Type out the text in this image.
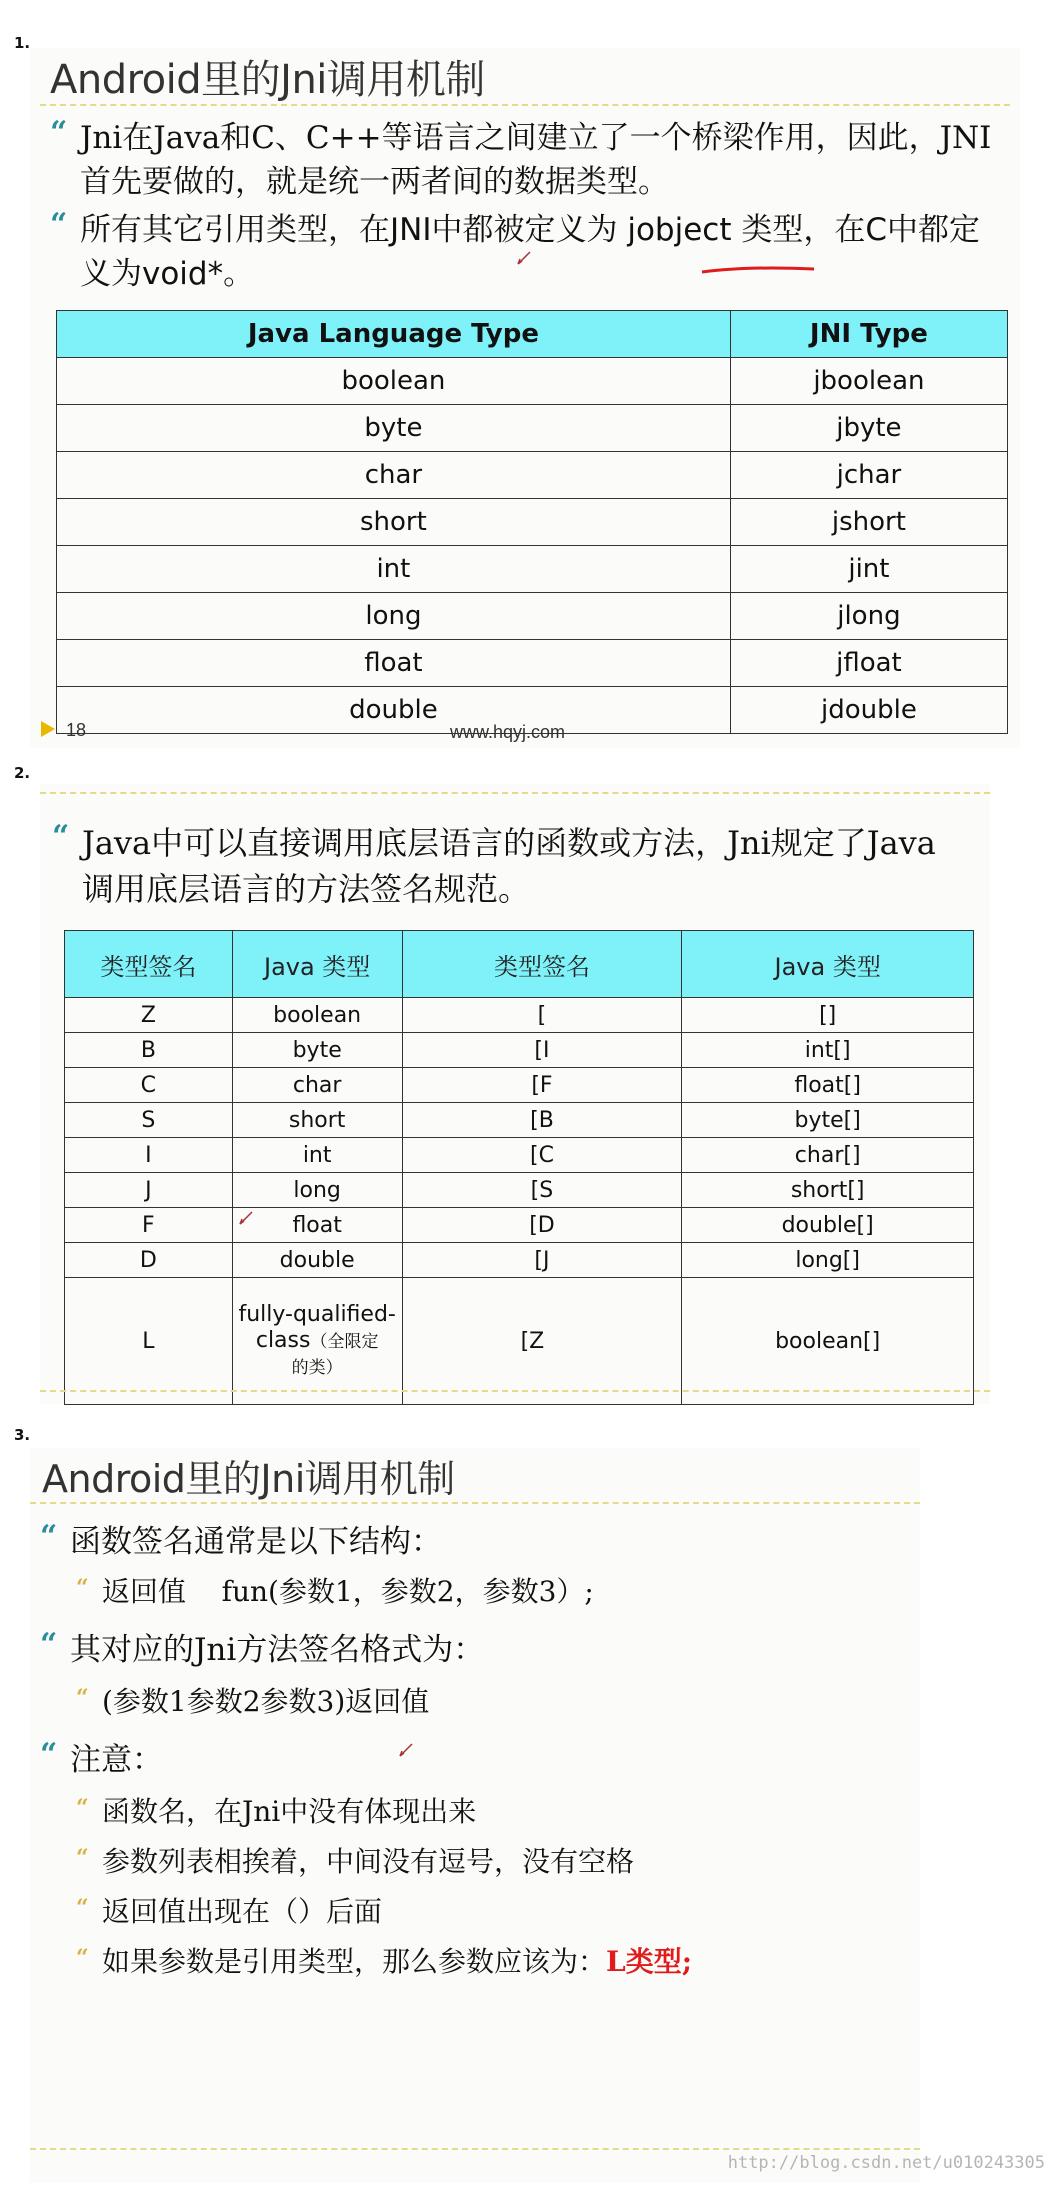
1.
Android里的Jni调用机制
“ Jni在Java和C、C++等语言之间建立了一个桥梁作用，因此，JNI首先要做的，就是统一两者间的数据类型。
“ 所有其它引用类型，在JNI中都被定义为 jobject 类型，在C中都定义为void*。
Java Language Type	JNI Type
boolean	jboolean
byte	jbyte
char	jchar
short	jshort
int	jint
long	jlong
float	jfloat
double	jdouble
18	www.hqyj.com
2.
“ Java中可以直接调用底层语言的函数或方法，Jni规定了Java调用底层语言的方法签名规范。
类型签名	Java 类型	类型签名	Java 类型
Z	boolean	[	[]
B	byte	[I	int[]
C	char	[F	float[]
S	short	[B	byte[]
I	int	[C	char[]
J	long	[S	short[]
F	float	[D	double[]
D	double	[J	long[]
L	fully-qualified-
class（全限定
的类）	[Z	boolean[]
3.
Android里的Jni调用机制
“ 函数签名通常是以下结构：
“ 返回值    fun(参数1，参数2，参数3）;
“ 其对应的Jni方法签名格式为：
“ (参数1参数2参数3)返回值
“ 注意：
“ 函数名，在Jni中没有体现出来
“ 参数列表相挨着，中间没有逗号，没有空格
“ 返回值出现在（）后面
“ 如果参数是引用类型，那么参数应该为：L类型;
http://blog.csdn.net/u010243305
